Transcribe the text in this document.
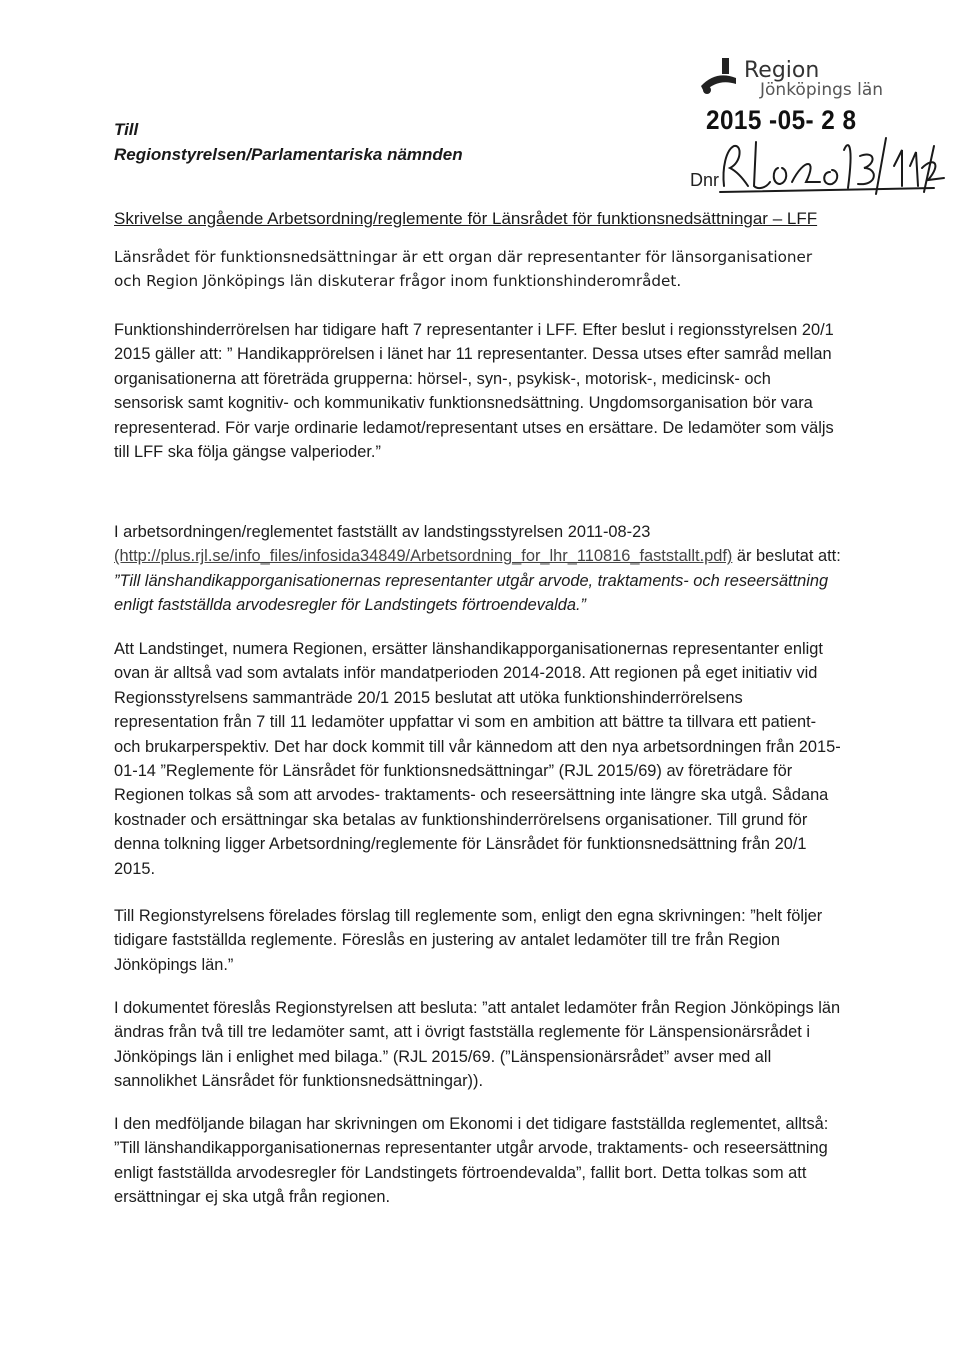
Region
Jönköpings län
Till
Regionstyrelsen/Parlamentariska nämnden
2015 -05- 2 8
Dnr
Skrivelse angående Arbetsordning/reglemente för Länsrådet för funktionsnedsättningar – LFF
Länsrådet för funktionsnedsättningar är ett organ där representanter för länsorganisationer och Region Jönköpings län diskuterar frågor inom funktionshinderområdet.
Funktionshinderrörelsen har tidigare haft 7 representanter i LFF. Efter beslut i regionsstyrelsen 20/1 2015 gäller att: ” Handikapprörelsen i länet har 11 representanter. Dessa utses efter samråd mellan organisationerna att företräda grupperna: hörsel-, syn-, psykisk-, motorisk-, medicinsk- och sensorisk samt kognitiv- och kommunikativ funktionsnedsättning. Ungdomsorganisation bör vara representerad. För varje ordinarie ledamot/representant utses en ersättare. De ledamöter som väljs till LFF ska följa gängse valperioder.”
I arbetsordningen/reglementet fastställt av landstingsstyrelsen 2011-08-23
(http://plus.rjl.se/info_files/infosida34849/Arbetsordning_for_lhr_110816_faststallt.pdf) är beslutat att: ”Till länshandikapporganisationernas representanter utgår arvode, traktaments- och reseersättning enligt fastställda arvodesregler för Landstingets förtroendevalda.”
Att Landstinget, numera Regionen, ersätter länshandikapporganisationernas representanter enligt ovan är alltså vad som avtalats inför mandatperioden 2014-2018. Att regionen på eget initiativ vid Regionsstyrelsens sammanträde 20/1 2015 beslutat att utöka funktionshinderrörelsens representation från 7 till 11 ledamöter uppfattar vi som en ambition att bättre ta tillvara ett patient- och brukarperspektiv. Det har dock kommit till vår kännedom att den nya arbetsordningen från 2015-01-14 ”Reglemente för Länsrådet för funktionsnedsättningar” (RJL 2015/69) av företrädare för Regionen tolkas så som att arvodes- traktaments- och reseersättning inte längre ska utgå. Sådana kostnader och ersättningar ska betalas av funktionshinderrörelsens organisationer. Till grund för denna tolkning ligger Arbetsordning/reglemente för Länsrådet för funktionsnedsättning från 20/1 2015.
Till Regionstyrelsens förelades förslag till reglemente som, enligt den egna skrivningen: ”helt följer tidigare fastställda reglemente. Föreslås en justering av antalet ledamöter till tre från Region Jönköpings län.”
I dokumentet föreslås Regionstyrelsen att besluta: ”att antalet ledamöter från Region Jönköpings län ändras från två till tre ledamöter samt, att i övrigt fastställa reglemente för Länspensionärsrådet i Jönköpings län i enlighet med bilaga.” (RJL 2015/69. (”Länspensionärsrådet” avser med all sannolikhet Länsrådet för funktionsnedsättningar)).
I den medföljande bilagan har skrivningen om Ekonomi i det tidigare fastställda reglementet, alltså: ”Till länshandikapporganisationernas representanter utgår arvode, traktaments- och reseersättning enligt fastställda arvodesregler för Landstingets förtroendevalda”, fallit bort. Detta tolkas som att ersättningar ej ska utgå från regionen.
